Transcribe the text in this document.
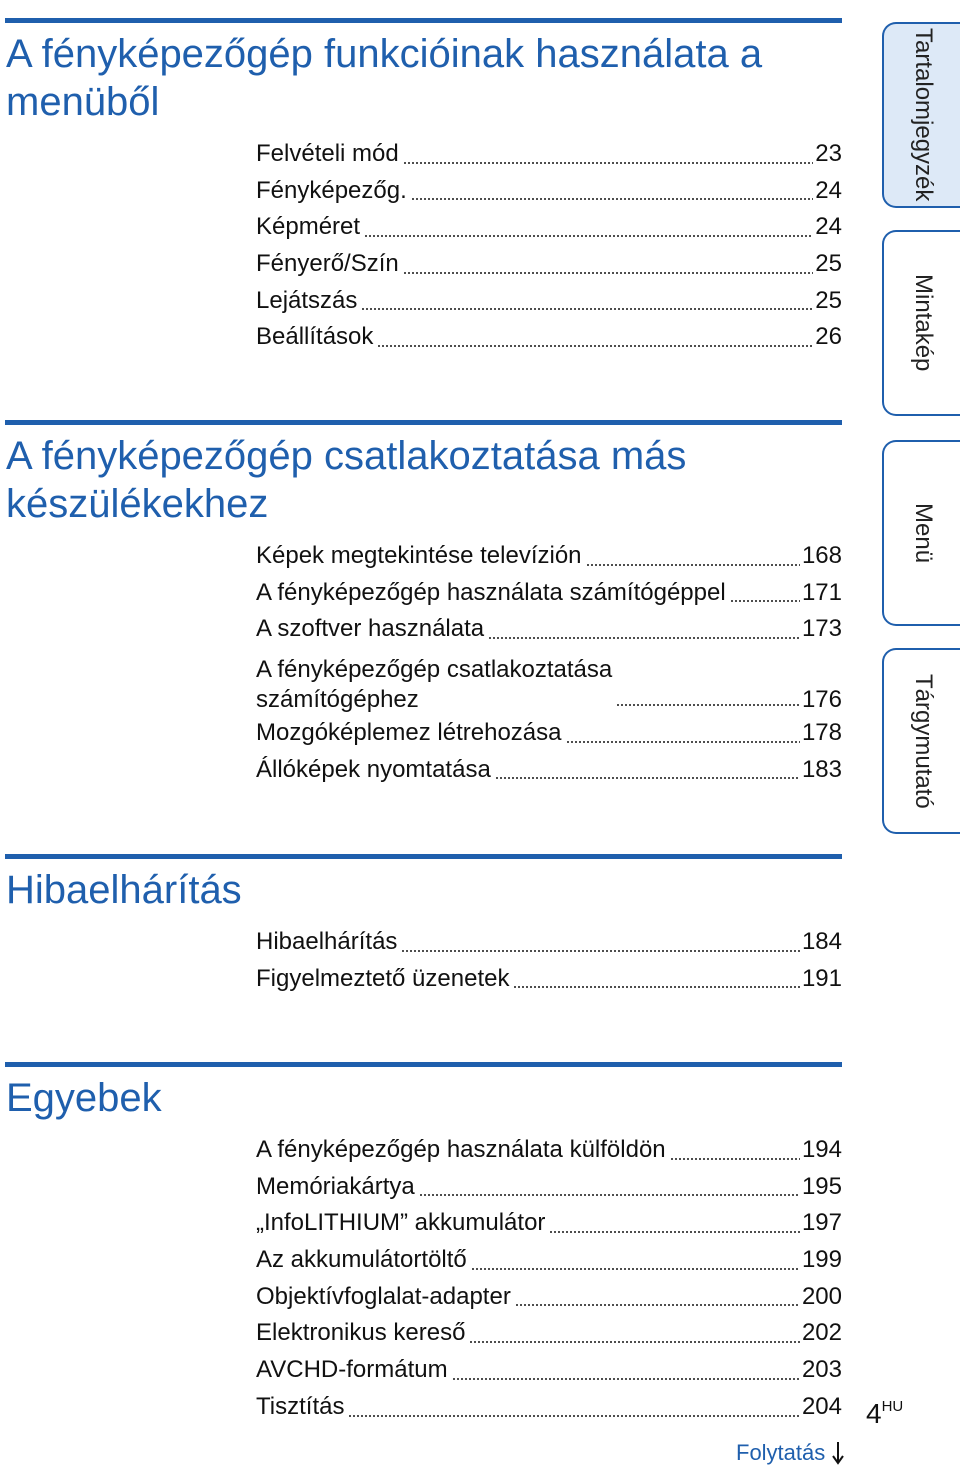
A fényképezőgép funkcióinak használata a menüből
Felvételi mód	23
Fényképezőg.	24
Képméret	24
Fényerő/Szín	25
Lejátszás	25
Beállítások	26
A fényképezőgép csatlakoztatása más készülékekhez
Képek megtekintése televízión	168
A fényképezőgép használata számítógéppel	171
A szoftver használata	173
A fényképezőgép csatlakoztatása
számítógéphez	176
Mozgóképlemez létrehozása	178
Állóképek nyomtatása	183
Hibaelhárítás
Hibaelhárítás	184
Figyelmeztető üzenetek	191
Egyebek
A fényképezőgép használata külföldön	194
Memóriakártya	195
„InfoLITHIUM” akkumulátor	197
Az akkumulátortöltő	199
Objektívfoglalat-adapter	200
Elektronikus kereső	202
AVCHD-formátum	203
Tisztítás	204
Tartalomjegyzék
Mintakép
Menü
Tárgymutató
$4^{HU}$
Folytatás
